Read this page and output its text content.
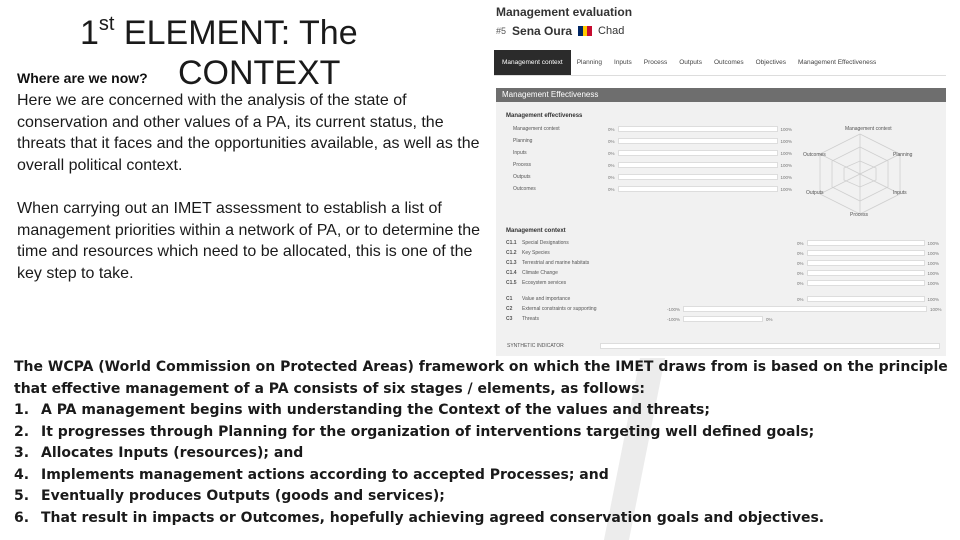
1st ELEMENT: The
CONTEXT
Where are we now?

Here we are concerned with the analysis of the state of conservation and other values of a PA, its current status, the threats that it faces and the opportunities available, as well as the overall political context.

When carrying out an IMET assessment to establish a list of management priorities within a network of PA, or to determine the time and resources which need to be allocated, this is one of the key step to take.

Management evaluation
#5 Sena Oura Chad
Management context	Planning	Inputs	Process	Outputs	Outcomes	Objectives	Management Effectiveness
Management Effectiveness
Management effectiveness
Management context	0%	100%
Planning	0%	100%
Inputs	0%	100%
Process	0%	100%
Outputs	0%	100%
Outcomes	0%	100%
Management context
Planning
Inputs
Process
Outputs
Outcomes
Management context
C1.1	Special Designations	0%	100%
C1.2	Key Species	0%	100%
C1.3	Terrestrial and marine habitats	0%	100%
C1.4	Climate Change	0%	100%
C1.5	Ecosystem services	0%	100%
C1	Value and importance	0%	100%
C2	External constraints or supporting	-100%	100%
C3	Threats	-100%	0%
SYNTHETIC INDICATOR

The WCPA (World Commission on Protected Areas) framework on which the IMET draws from is based on the principle that effective management of a PA consists of six stages / elements, as follows:

1. A PA management begins with understanding the Context of the values and threats;
2. It progresses through Planning for the organization of interventions targeting well defined goals;
3. Allocates Inputs (resources); and
4. Implements management actions according to accepted Processes; and
5. Eventually produces Outputs (goods and services);
6. That result in impacts or Outcomes, hopefully achieving agreed conservation goals and objectives.
